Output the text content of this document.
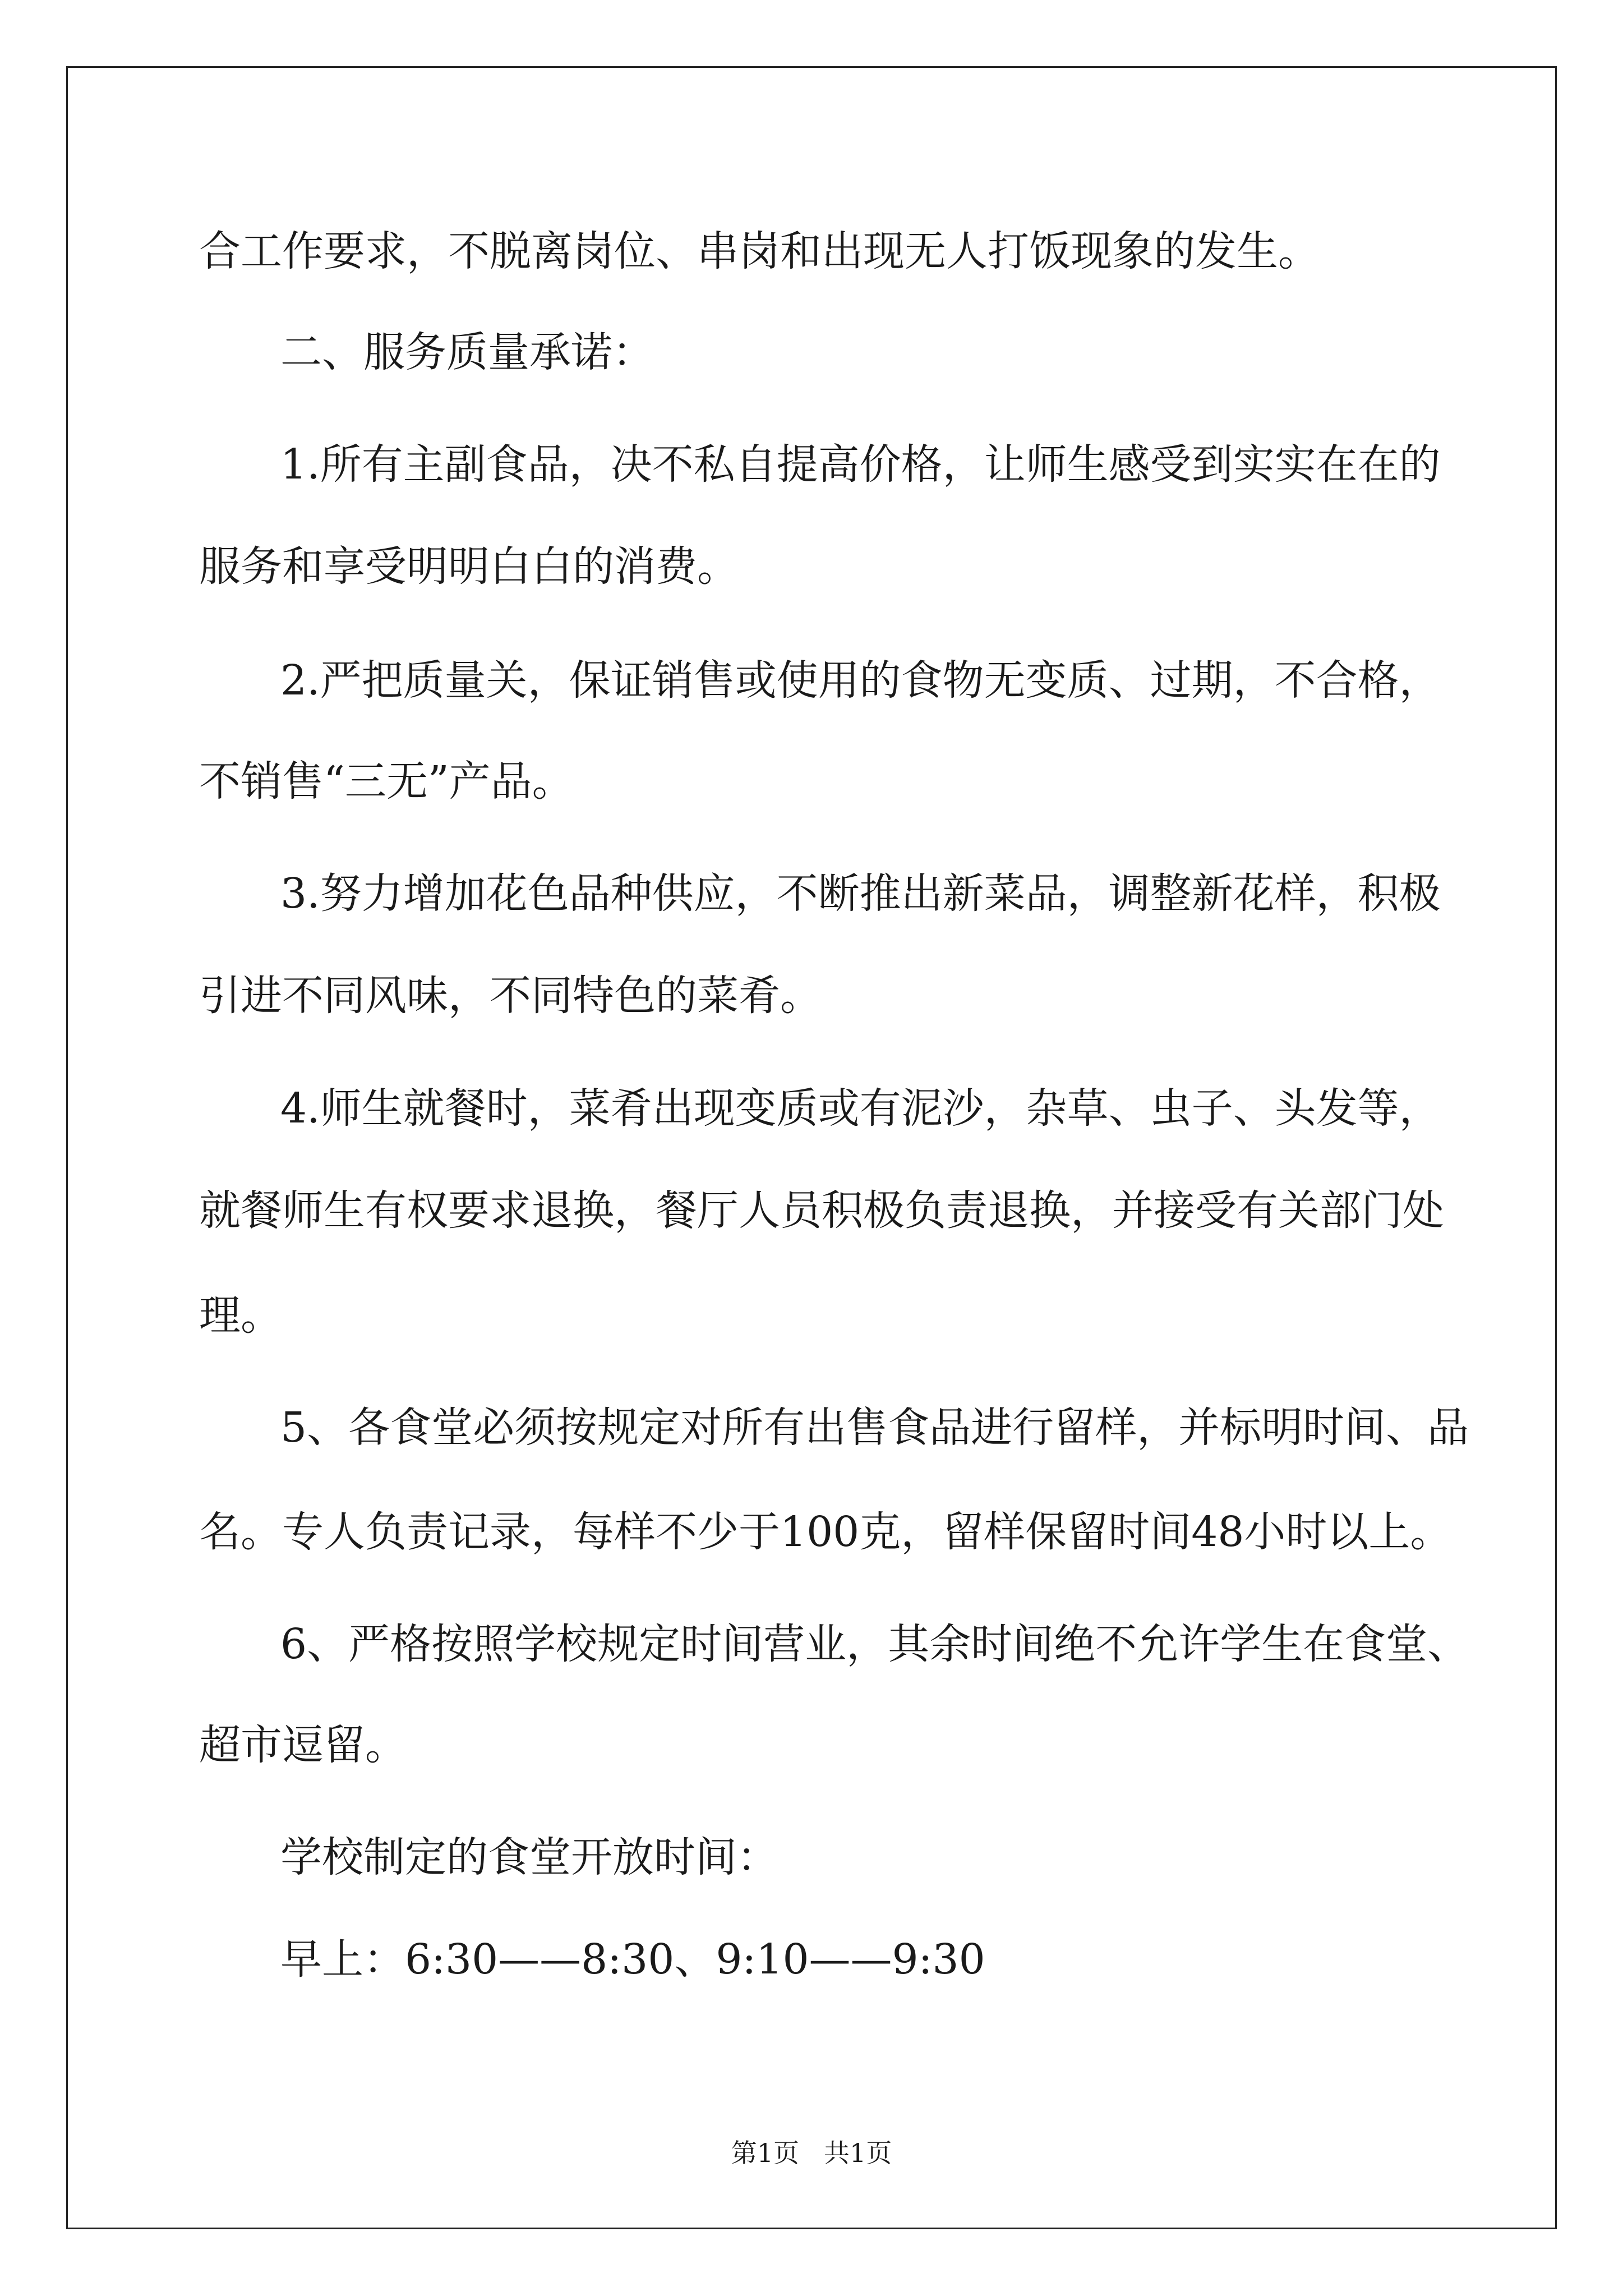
合工作要求，不脱离岗位、串岗和出现无人打饭现象的发生。
二、服务质量承诺：
1.所有主副食品，决不私自提高价格，让师生感受到实实在在的
服务和享受明明白白的消费。
2.严把质量关，保证销售或使用的食物无变质、过期，不合格，
不销售“三无”产品。
3.努力增加花色品种供应，不断推出新菜品，调整新花样，积极
引进不同风味，不同特色的菜肴。
4.师生就餐时，菜肴出现变质或有泥沙，杂草、虫子、头发等，
就餐师生有权要求退换，餐厅人员积极负责退换，并接受有关部门处
理。
5、各食堂必须按规定对所有出售食品进行留样，并标明时间、品
名。专人负责记录，每样不少于100克，留样保留时间48小时以上。
6、严格按照学校规定时间营业，其余时间绝不允许学生在食堂、
超市逗留。
学校制定的食堂开放时间：
早上：6:30——8:30、9:10——9:30
第1页 共1页
